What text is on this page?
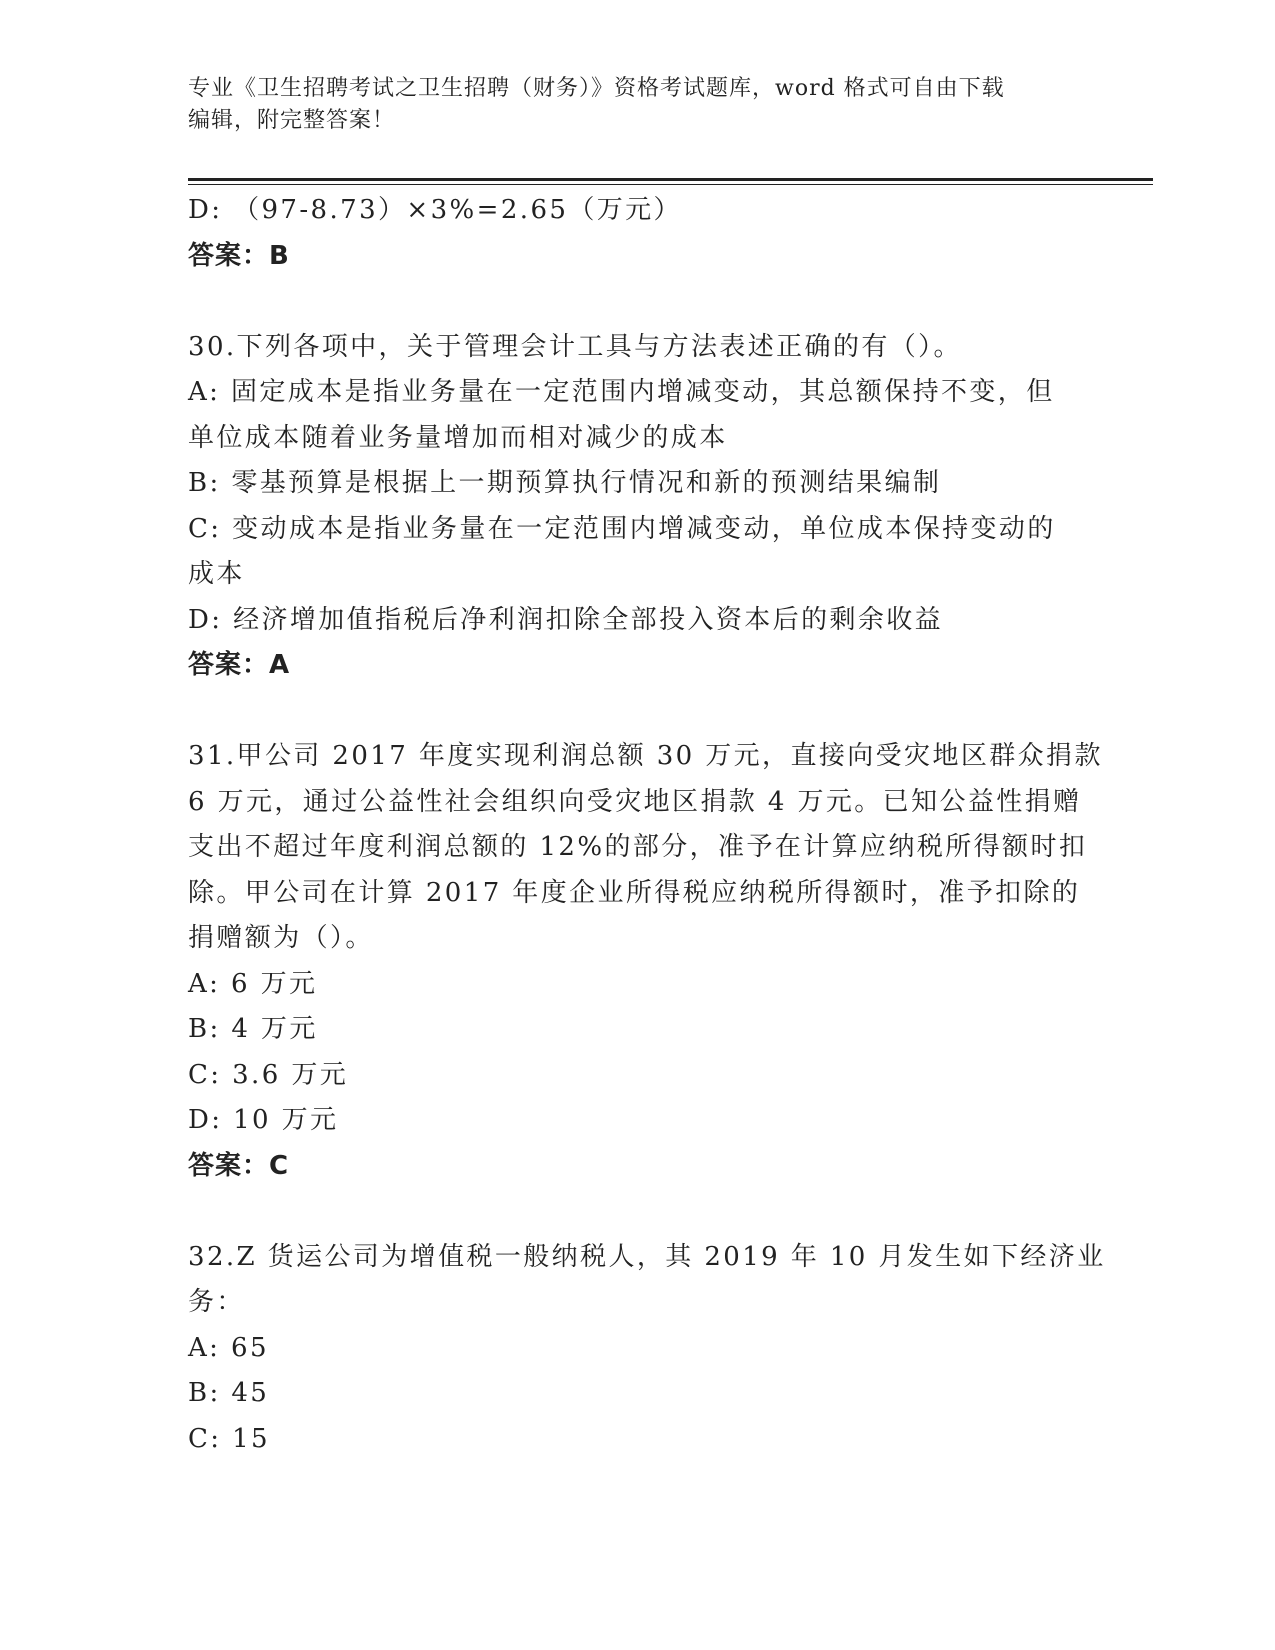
专业《卫生招聘考试之卫生招聘（财务）》资格考试题库，word 格式可自由下载
编辑，附完整答案！
D: （97-8.73）×3%=2.65（万元）
答案：B
30.下列各项中，关于管理会计工具与方法表述正确的有（）。
A: 固定成本是指业务量在一定范围内增减变动，其总额保持不变，但
单位成本随着业务量增加而相对减少的成本
B: 零基预算是根据上一期预算执行情况和新的预测结果编制
C: 变动成本是指业务量在一定范围内增减变动，单位成本保持变动的
成本
D: 经济增加值指税后净利润扣除全部投入资本后的剩余收益
答案：A
31.甲公司 2017 年度实现利润总额 30 万元，直接向受灾地区群众捐款
6 万元，通过公益性社会组织向受灾地区捐款 4 万元。已知公益性捐赠
支出不超过年度利润总额的 12%的部分，准予在计算应纳税所得额时扣
除。甲公司在计算 2017 年度企业所得税应纳税所得额时，准予扣除的
捐赠额为（）。
A: 6 万元
B: 4 万元
C: 3.6 万元
D: 10 万元
答案：C
32.Z 货运公司为增值税一般纳税人，其 2019 年 10 月发生如下经济业
务：
A: 65
B: 45
C: 15
